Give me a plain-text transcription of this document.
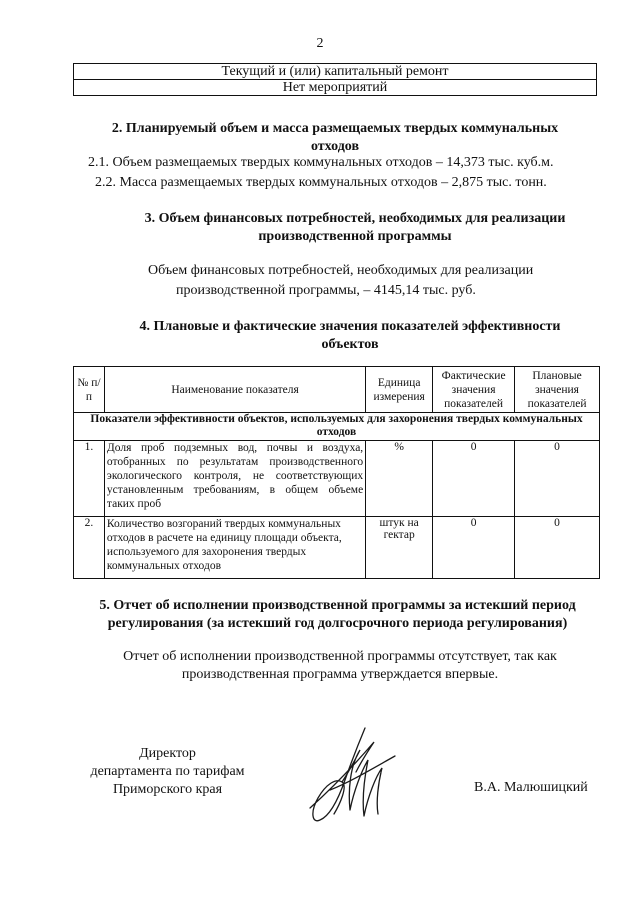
2
Текущий и (или) капитальный ремонт
Нет мероприятий
2. Планируемый объем и масса размещаемых твердых коммунальных
отходов
2.1. Объем размещаемых твердых коммунальных отходов – 14,373 тыс. куб.м.
2.2. Масса размещаемых твердых коммунальных отходов – 2,875 тыс. тонн.
3. Объем финансовых потребностей, необходимых для реализации
производственной программы
Объем финансовых потребностей, необходимых для реализации
производственной программы, – 4145,14 тыс. руб.
4. Плановые и фактические значения показателей эффективности
объектов
№ п/п	Наименование показателя	Единица измерения	Фактические значения показателей	Плановые значения показателей
Показатели эффективности объектов, используемых для захоронения твердых коммунальных отходов				
1.	Доля проб подземных вод, почвы и воздуха, отобранных по результатам производственного экологического контроля, не соответствующих установленным требованиям, в общем объеме таких проб	%	0	0
2.	Количество возгораний твердых коммунальных отходов в расчете на единицу площади объекта, используемого для захоронения твердых коммунальных отходов	штук на гектар	0	0
5. Отчет об исполнении производственной программы за истекший период
регулирования (за истекший год долгосрочного периода регулирования)
Отчет об исполнении производственной программы отсутствует, так как
производственная программа утверждается впервые.
Директор
департамента по тарифам
Приморского края	В.А. Малюшицкий
